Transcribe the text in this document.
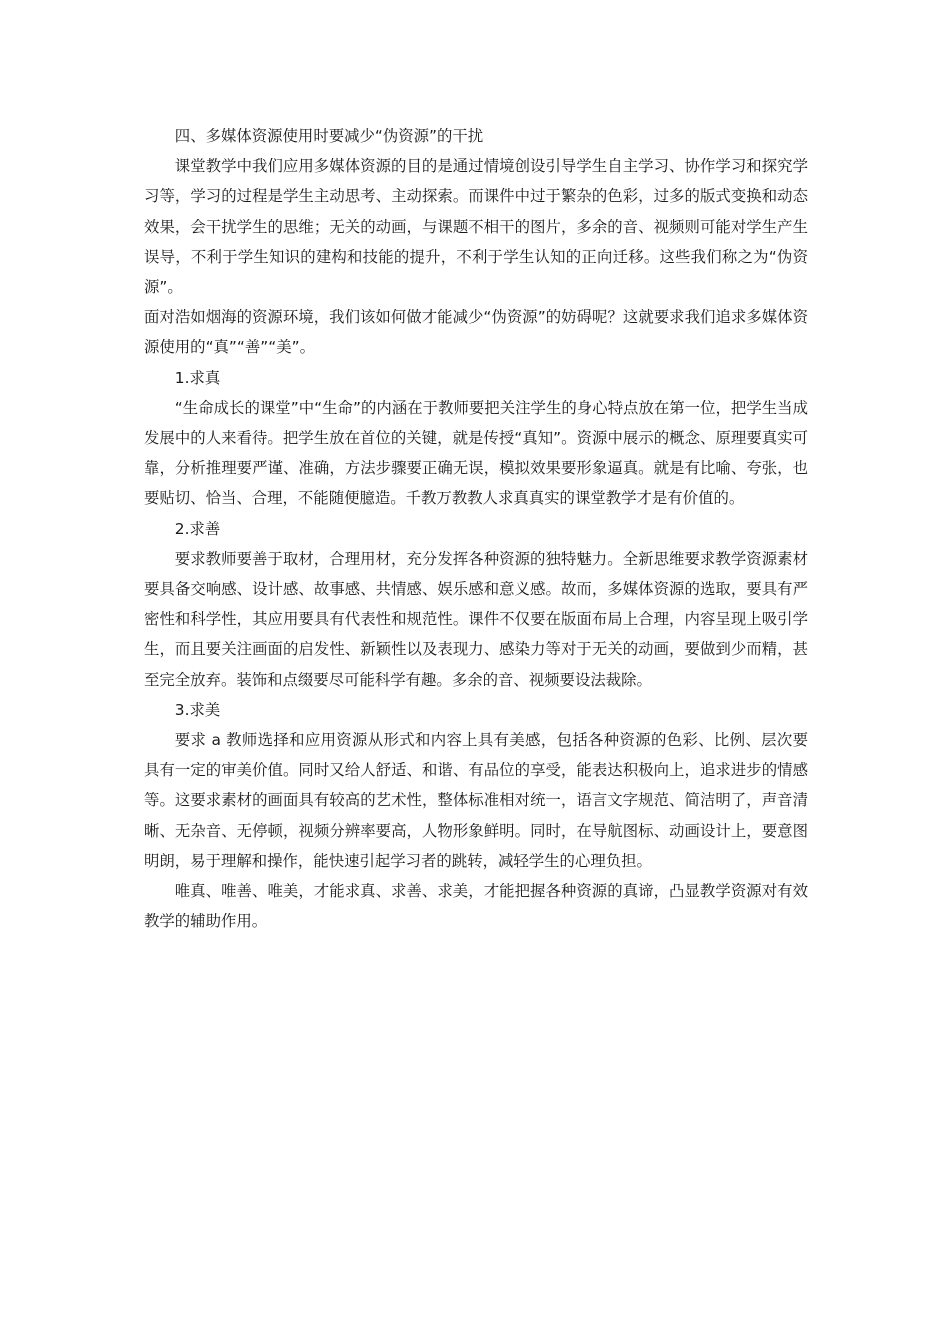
四、多媒体资源使用时要减少“伪资源”的干扰

课堂教学中我们应用多媒体资源的目的是通过情境创设引导学生自主学习、协作学习和探究学习等，学习的过程是学生主动思考、主动探索。而课件中过于繁杂的色彩，过多的版式变换和动态效果，会干扰学生的思维；无关的动画，与课题不相干的图片，多余的音、视频则可能对学生产生误导，不利于学生知识的建构和技能的提升，不利于学生认知的正向迁移。这些我们称之为“伪资源”。

面对浩如烟海的资源环境，我们该如何做才能减少“伪资源”的妨碍呢？这就要求我们追求多媒体资源使用的“真”“善”“美”。

1.求真

“生命成长的课堂”中“生命”的内涵在于教师要把关注学生的身心特点放在第一位，把学生当成发展中的人来看待。把学生放在首位的关键，就是传授“真知”。资源中展示的概念、原理要真实可靠，分析推理要严谨、准确，方法步骤要正确无误，模拟效果要形象逼真。就是有比喻、夸张，也要贴切、恰当、合理，不能随便臆造。千教万教教人求真真实的课堂教学才是有价值的。

2.求善

要求教师要善于取材，合理用材，充分发挥各种资源的独特魅力。全新思维要求教学资源素材要具备交响感、设计感、故事感、共情感、娱乐感和意义感。故而，多媒体资源的选取，要具有严密性和科学性，其应用要具有代表性和规范性。课件不仅要在版面布局上合理，内容呈现上吸引学生，而且要关注画面的启发性、新颖性以及表现力、感染力等对于无关的动画，要做到少而精，甚至完全放弃。装饰和点缀要尽可能科学有趣。多余的音、视频要设法裁除。

3.求美

要求 a 教师选择和应用资源从形式和内容上具有美感，包括各种资源的色彩、比例、层次要具有一定的审美价值。同时又给人舒适、和谐、有品位的享受，能表达积极向上，追求进步的情感等。这要求素材的画面具有较高的艺术性，整体标准相对统一，语言文字规范、简洁明了，声音清晰、无杂音、无停顿，视频分辨率要高，人物形象鲜明。同时，在导航图标、动画设计上，要意图明朗，易于理解和操作，能快速引起学习者的跳转，减轻学生的心理负担。

唯真、唯善、唯美，才能求真、求善、求美，才能把握各种资源的真谛，凸显教学资源对有效教学的辅助作用。
